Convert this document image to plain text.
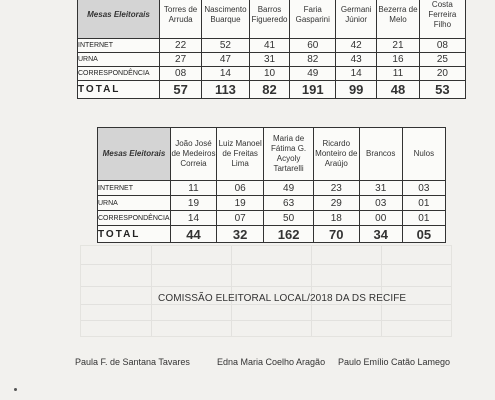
Mesas Eleitorais	Torres de Arruda	Nascimento Buarque	Barros Figueredo	Faria Gasparini	Germani Júnior	Bezerra de Melo	Costa Ferreira Filho
INTERNET	22	52	41	60	42	21	08
URNA	27	47	31	82	43	16	25
CORRESPONDÊNCIA	08	14	10	49	14	11	20
TOTAL	57	113	82	191	99	48	53
Mesas Eleitorais	João José de Medeiros Correia	Luiz Manoel de Freitas Lima	Maria de Fátima G. Acyoly Tartarelli	Ricardo Monteiro de Araújo	Brancos	Nulos
INTERNET	11	06	49	23	31	03
URNA	19	19	63	29	03	01
CORRESPONDÊNCIA	14	07	50	18	00	01
TOTAL	44	32	162	70	34	05
COMISSÃO ELEITORAL LOCAL/2018 DA DS RECIFE
Paula F. de Santana Tavares	Edna Maria Coelho Aragão Paulo Emílio Catão Lamego
